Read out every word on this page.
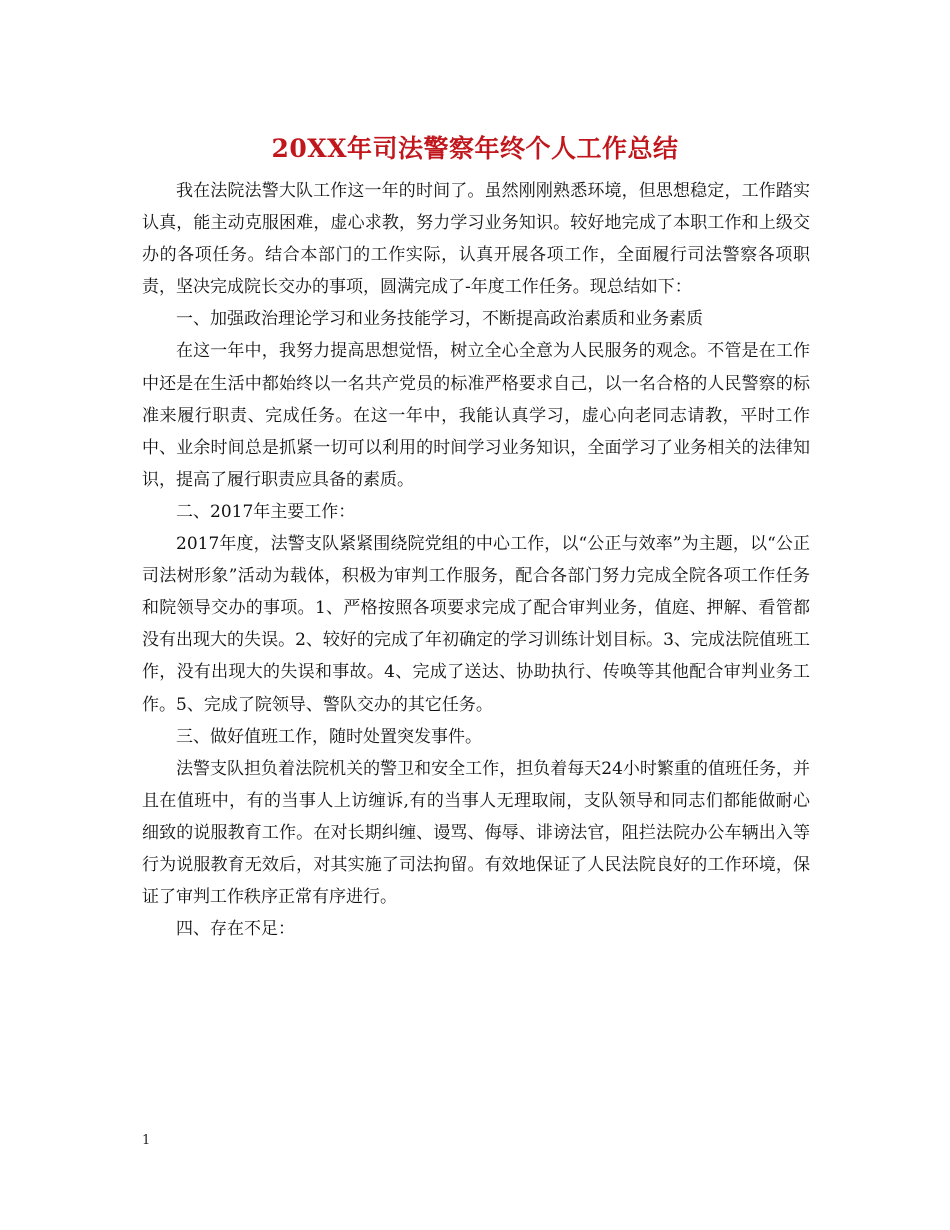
20XX年司法警察年终个人工作总结

我在法院法警大队工作这一年的时间了。虽然刚刚熟悉环境，但思想稳定，工作踏实认真，能主动克服困难，虚心求教，努力学习业务知识。较好地完成了本职工作和上级交办的各项任务。结合本部门的工作实际，认真开展各项工作，全面履行司法警察各项职责，坚决完成院长交办的事项，圆满完成了-年度工作任务。现总结如下：

一、加强政治理论学习和业务技能学习，不断提高政治素质和业务素质

在这一年中，我努力提高思想觉悟，树立全心全意为人民服务的观念。不管是在工作中还是在生活中都始终以一名共产党员的标准严格要求自己，以一名合格的人民警察的标准来履行职责、完成任务。在这一年中，我能认真学习，虚心向老同志请教，平时工作中、业余时间总是抓紧一切可以利用的时间学习业务知识，全面学习了业务相关的法律知识，提高了履行职责应具备的素质。

二、2017年主要工作：

2017年度，法警支队紧紧围绕院党组的中心工作，以“公正与效率”为主题，以“公正司法树形象”活动为载体，积极为审判工作服务，配合各部门努力完成全院各项工作任务和院领导交办的事项。1、严格按照各项要求完成了配合审判业务，值庭、押解、看管都没有出现大的失误。2、较好的完成了年初确定的学习训练计划目标。3、完成法院值班工作，没有出现大的失误和事故。4、完成了送达、协助执行、传唤等其他配合审判业务工作。5、完成了院领导、警队交办的其它任务。

三、做好值班工作，随时处置突发事件。

法警支队担负着法院机关的警卫和安全工作，担负着每天24小时繁重的值班任务，并且在值班中，有的当事人上访缠诉,有的当事人无理取闹，支队领导和同志们都能做耐心细致的说服教育工作。在对长期纠缠、谩骂、侮辱、诽谤法官，阻拦法院办公车辆出入等行为说服教育无效后，对其实施了司法拘留。有效地保证了人民法院良好的工作环境，保证了审判工作秩序正常有序进行。

四、存在不足：

1
